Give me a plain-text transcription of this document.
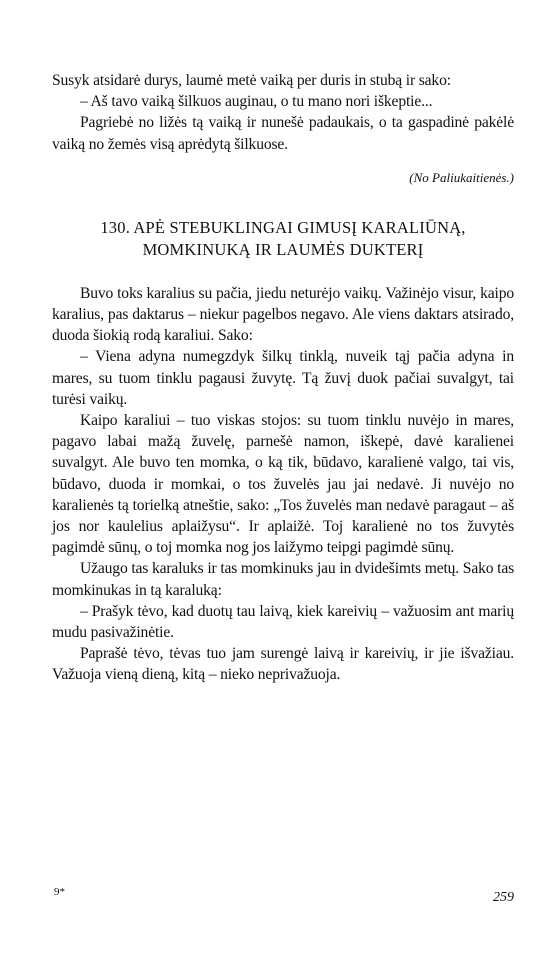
Susyk atsidarė durys, laumė metė vaiką per duris in stubą ir sako:

– Aš tavo vaiką šilkuos auginau, o tu mano nori iškeptie...

Pagriebė no ližės tą vaiką ir nunešė padaukais, o ta gaspadinė pakėlė vaiką no žemės visą aprėdytą šilkuose.

(No Paliukaitienės.)
130. APĖ STEBUKLINGAI GIMUSĮ KARALIŪNĄ,
MOMKINUKĄ IR LAUMĖS DUKTERĮ

Buvo toks karalius su pačia, jiedu neturėjo vaikų. Važinėjo visur, kaipo karalius, pas daktarus – niekur pagelbos negavo. Ale viens daktars atsirado, duoda šiokią rodą karaliui. Sako:

– Viena adyna numegzdyk šilkų tinklą, nuveik tąj pačia adyna in mares, su tuom tinklu pagausi žuvytę. Tą žuvį duok pačiai suvalgyt, tai turėsi vaikų.

Kaipo karaliui – tuo viskas stojos: su tuom tinklu nuvėjo in mares, pagavo labai mažą žuvelę, parnešė namon, iškepė, davė karalienei suvalgyt. Ale buvo ten momka, o ką tik, būdavo, karalienė valgo, tai vis, būdavo, duoda ir momkai, o tos žuvelės jau jai nedavė. Ji nuvėjo no karalienės tą torielką atneštie, sako: „Tos žuvelės man nedavė paragaut – aš jos nor kaulelius aplaižysu“. Ir aplaižė. Toj karalienė no tos žuvytės pagimdė sūnų, o toj momka nog jos laižymo teipgi pagimdė sūnų.

Užaugo tas karaluks ir tas momkinuks jau in dvidešimts metų. Sako tas momkinukas in tą karaluką:

– Prašyk tėvo, kad duotų tau laivą, kiek kareivių – važuosim ant marių mudu pasivažinėtie.

Paprašė tėvo, tėvas tuo jam surengė laivą ir kareivių, ir jie išvažiau. Važuoja vieną dieną, kitą – nieko neprivažuoja.

9*	259
